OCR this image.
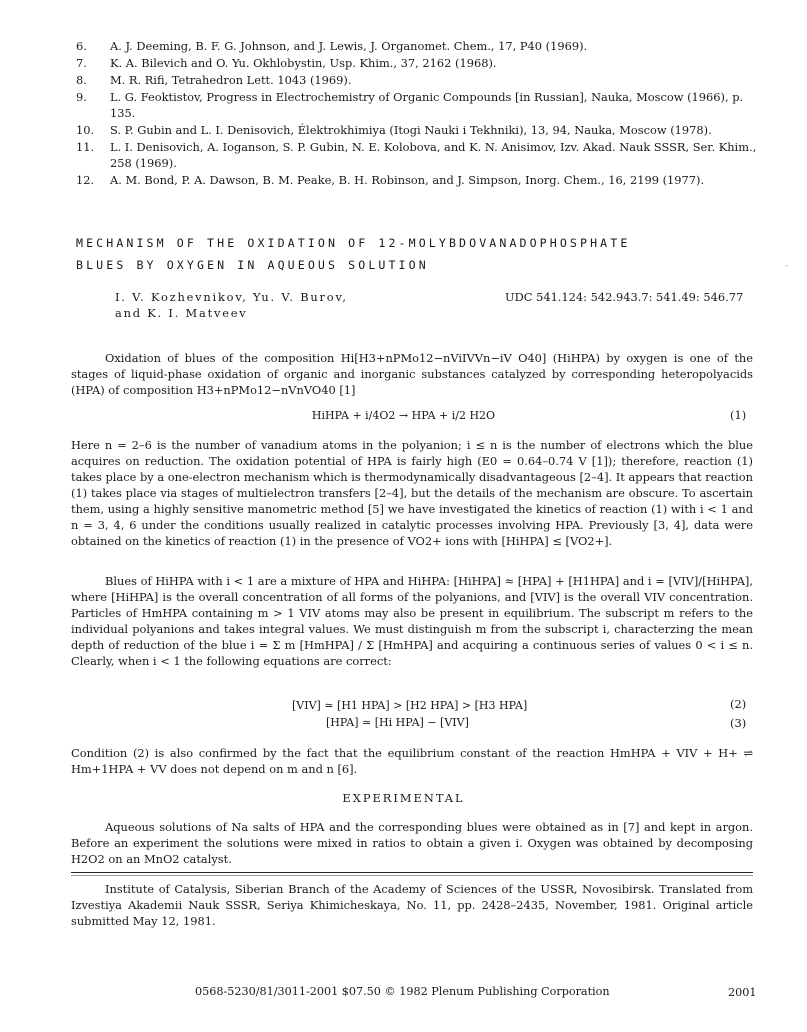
6.	A. J. Deeming, B. F. G. Johnson, and J. Lewis, J. Organomet. Chem., 17, P40 (1969).
7.	K. A. Bilevich and O. Yu. Okhlobystin, Usp. Khim., 37, 2162 (1968).
8.	M. R. Rifi, Tetrahedron Lett. 1043 (1969).
9.	L. G. Feoktistov, Progress in Electrochemistry of Organic Compounds [in Russian], Nauka, Moscow (1966), p. 135.
10.	S. P. Gubin and L. I. Denisovich, Élektrokhimiya (Itogi Nauki i Tekhniki), 13, 94, Nauka, Moscow (1978).
11.	L. I. Denisovich, A. Ioganson, S. P. Gubin, N. E. Kolobova, and K. N. Anisimov, Izv. Akad. Nauk SSSR, Ser. Khim., 258 (1969).
12.	A. M. Bond, P. A. Dawson, B. M. Peake, B. H. Robinson, and J. Simpson, Inorg. Chem., 16, 2199 (1977).
MECHANISM OF THE OXIDATION OF 12-MOLYBDOVANADOPHOSPHATE
BLUES BY OXYGEN IN AQUEOUS SOLUTION	ˎ
I. V. Kozhevnikov, Yu. V. Burov,
and K. I. Matveev
UDC 541.124: 542.943.7: 541.49: 546.77
Oxidation of blues of the composition Hi[H3+nPMo12−nViIVVn−iV O40] (HiHPA) by oxygen is one of the stages of liquid-phase oxidation of organic and inorganic substances catalyzed by corresponding heteropolyacids (HPA) of composition H3+nPMo12−nVnVO40 [1]
HiHPA + i/4O2 → HPA + i/2 H2O	(1)
Here n = 2–6 is the number of vanadium atoms in the polyanion; i ≤ n is the number of electrons which the blue acquires on reduction. The oxidation potential of HPA is fairly high (E0 = 0.64–0.74 V [1]); therefore, reaction (1) takes place by a one-electron mechanism which is thermodynamically disadvantageous [2–4]. It appears that reaction (1) takes place via stages of multielectron transfers [2–4], but the details of the mechanism are obscure. To ascertain them, using a highly sensitive manometric method [5] we have investigated the kinetics of reaction (1) with i < 1 and n = 3, 4, 6 under the conditions usually realized in catalytic processes involving HPA. Previously [3, 4], data were obtained on the kinetics of reaction (1) in the presence of VO2+ ions with [HiHPA] ≤ [VO2+].
Blues of HiHPA with i < 1 are a mixture of HPA and HiHPA: [HiHPA] ≈ [HPA] + [H1HPA] and i = [VIV]/[HiHPA], where [HiHPA] is the overall concentration of all forms of the polyanions, and [VIV] is the overall VIV concentration. Particles of HmHPA containing m > 1 VIV atoms may also be present in equilibrium. The subscript m refers to the individual polyanions and takes integral values. We must distinguish m from the subscript i, characterzing the mean depth of reduction of the blue i = Σ m [HmHPA] / Σ [HmHPA] and acquiring a continuous series of values 0 < i ≤ n. Clearly, when i < 1 the following equations are correct:
[VIV] ≃ [H1 HPA] > [H2 HPA] > [H3 HPA]	(2)
[HPA] ≃ [Hi HPA] − [VIV]	(3)
Condition (2) is also confirmed by the fact that the equilibrium constant of the reaction HmHPA + VIV + H+ ⇌ Hm+1HPA + VV does not depend on m and n [6].
EXPERIMENTAL
Aqueous solutions of Na salts of HPA and the corresponding blues were obtained as in [7] and kept in argon. Before an experiment the solutions were mixed in ratios to obtain a given i. Oxygen was obtained by decomposing H2O2 on an MnO2 catalyst.
Institute of Catalysis, Siberian Branch of the Academy of Sciences of the USSR, Novosibirsk. Translated from Izvestiya Akademii Nauk SSSR, Seriya Khimicheskaya, No. 11, pp. 2428–2435, November, 1981. Original article submitted May 12, 1981.
0568-5230/81/3011-2001 $07.50 © 1982 Plenum Publishing Corporation	2001
